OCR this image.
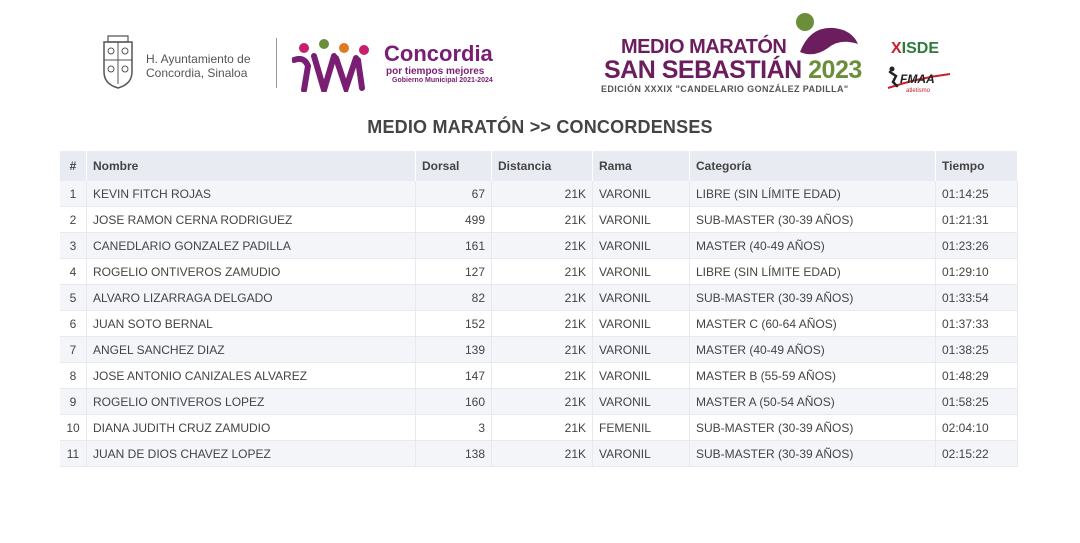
H. Ayuntamiento de
Concordia, Sinaloa
Concordia
por tiempos mejores
Gobierno Municipal 2021-2024
MEDIO MARATÓN
SAN SEBASTIÁN 2023
EDICIÓN XXXIX "CANDELARIO GONZÁLEZ PADILLA"
XISDE
FMAA
atletismo
MEDIO MARATÓN >> CONCORDENSES
#	Nombre	Dorsal	Distancia	Rama	Categoría	Tiempo
1	KEVIN FITCH ROJAS	67	21K	VARONIL	LIBRE (SIN LÍMITE EDAD)	01:14:25
2	JOSE RAMON CERNA RODRIGUEZ	499	21K	VARONIL	SUB-MASTER (30-39 AÑOS)	01:21:31
3	CANEDLARIO GONZALEZ PADILLA	161	21K	VARONIL	MASTER (40-49 AÑOS)	01:23:26
4	ROGELIO ONTIVEROS ZAMUDIO	127	21K	VARONIL	LIBRE (SIN LÍMITE EDAD)	01:29:10
5	ALVARO LIZARRAGA DELGADO	82	21K	VARONIL	SUB-MASTER (30-39 AÑOS)	01:33:54
6	JUAN SOTO BERNAL	152	21K	VARONIL	MASTER C (60-64 AÑOS)	01:37:33
7	ANGEL SANCHEZ DIAZ	139	21K	VARONIL	MASTER (40-49 AÑOS)	01:38:25
8	JOSE ANTONIO CANIZALES ALVAREZ	147	21K	VARONIL	MASTER B (55-59 AÑOS)	01:48:29
9	ROGELIO ONTIVEROS LOPEZ	160	21K	VARONIL	MASTER A (50-54 AÑOS)	01:58:25
10	DIANA JUDITH CRUZ ZAMUDIO	3	21K	FEMENIL	SUB-MASTER (30-39 AÑOS)	02:04:10
11	JUAN DE DIOS CHAVEZ LOPEZ	138	21K	VARONIL	SUB-MASTER (30-39 AÑOS)	02:15:22
